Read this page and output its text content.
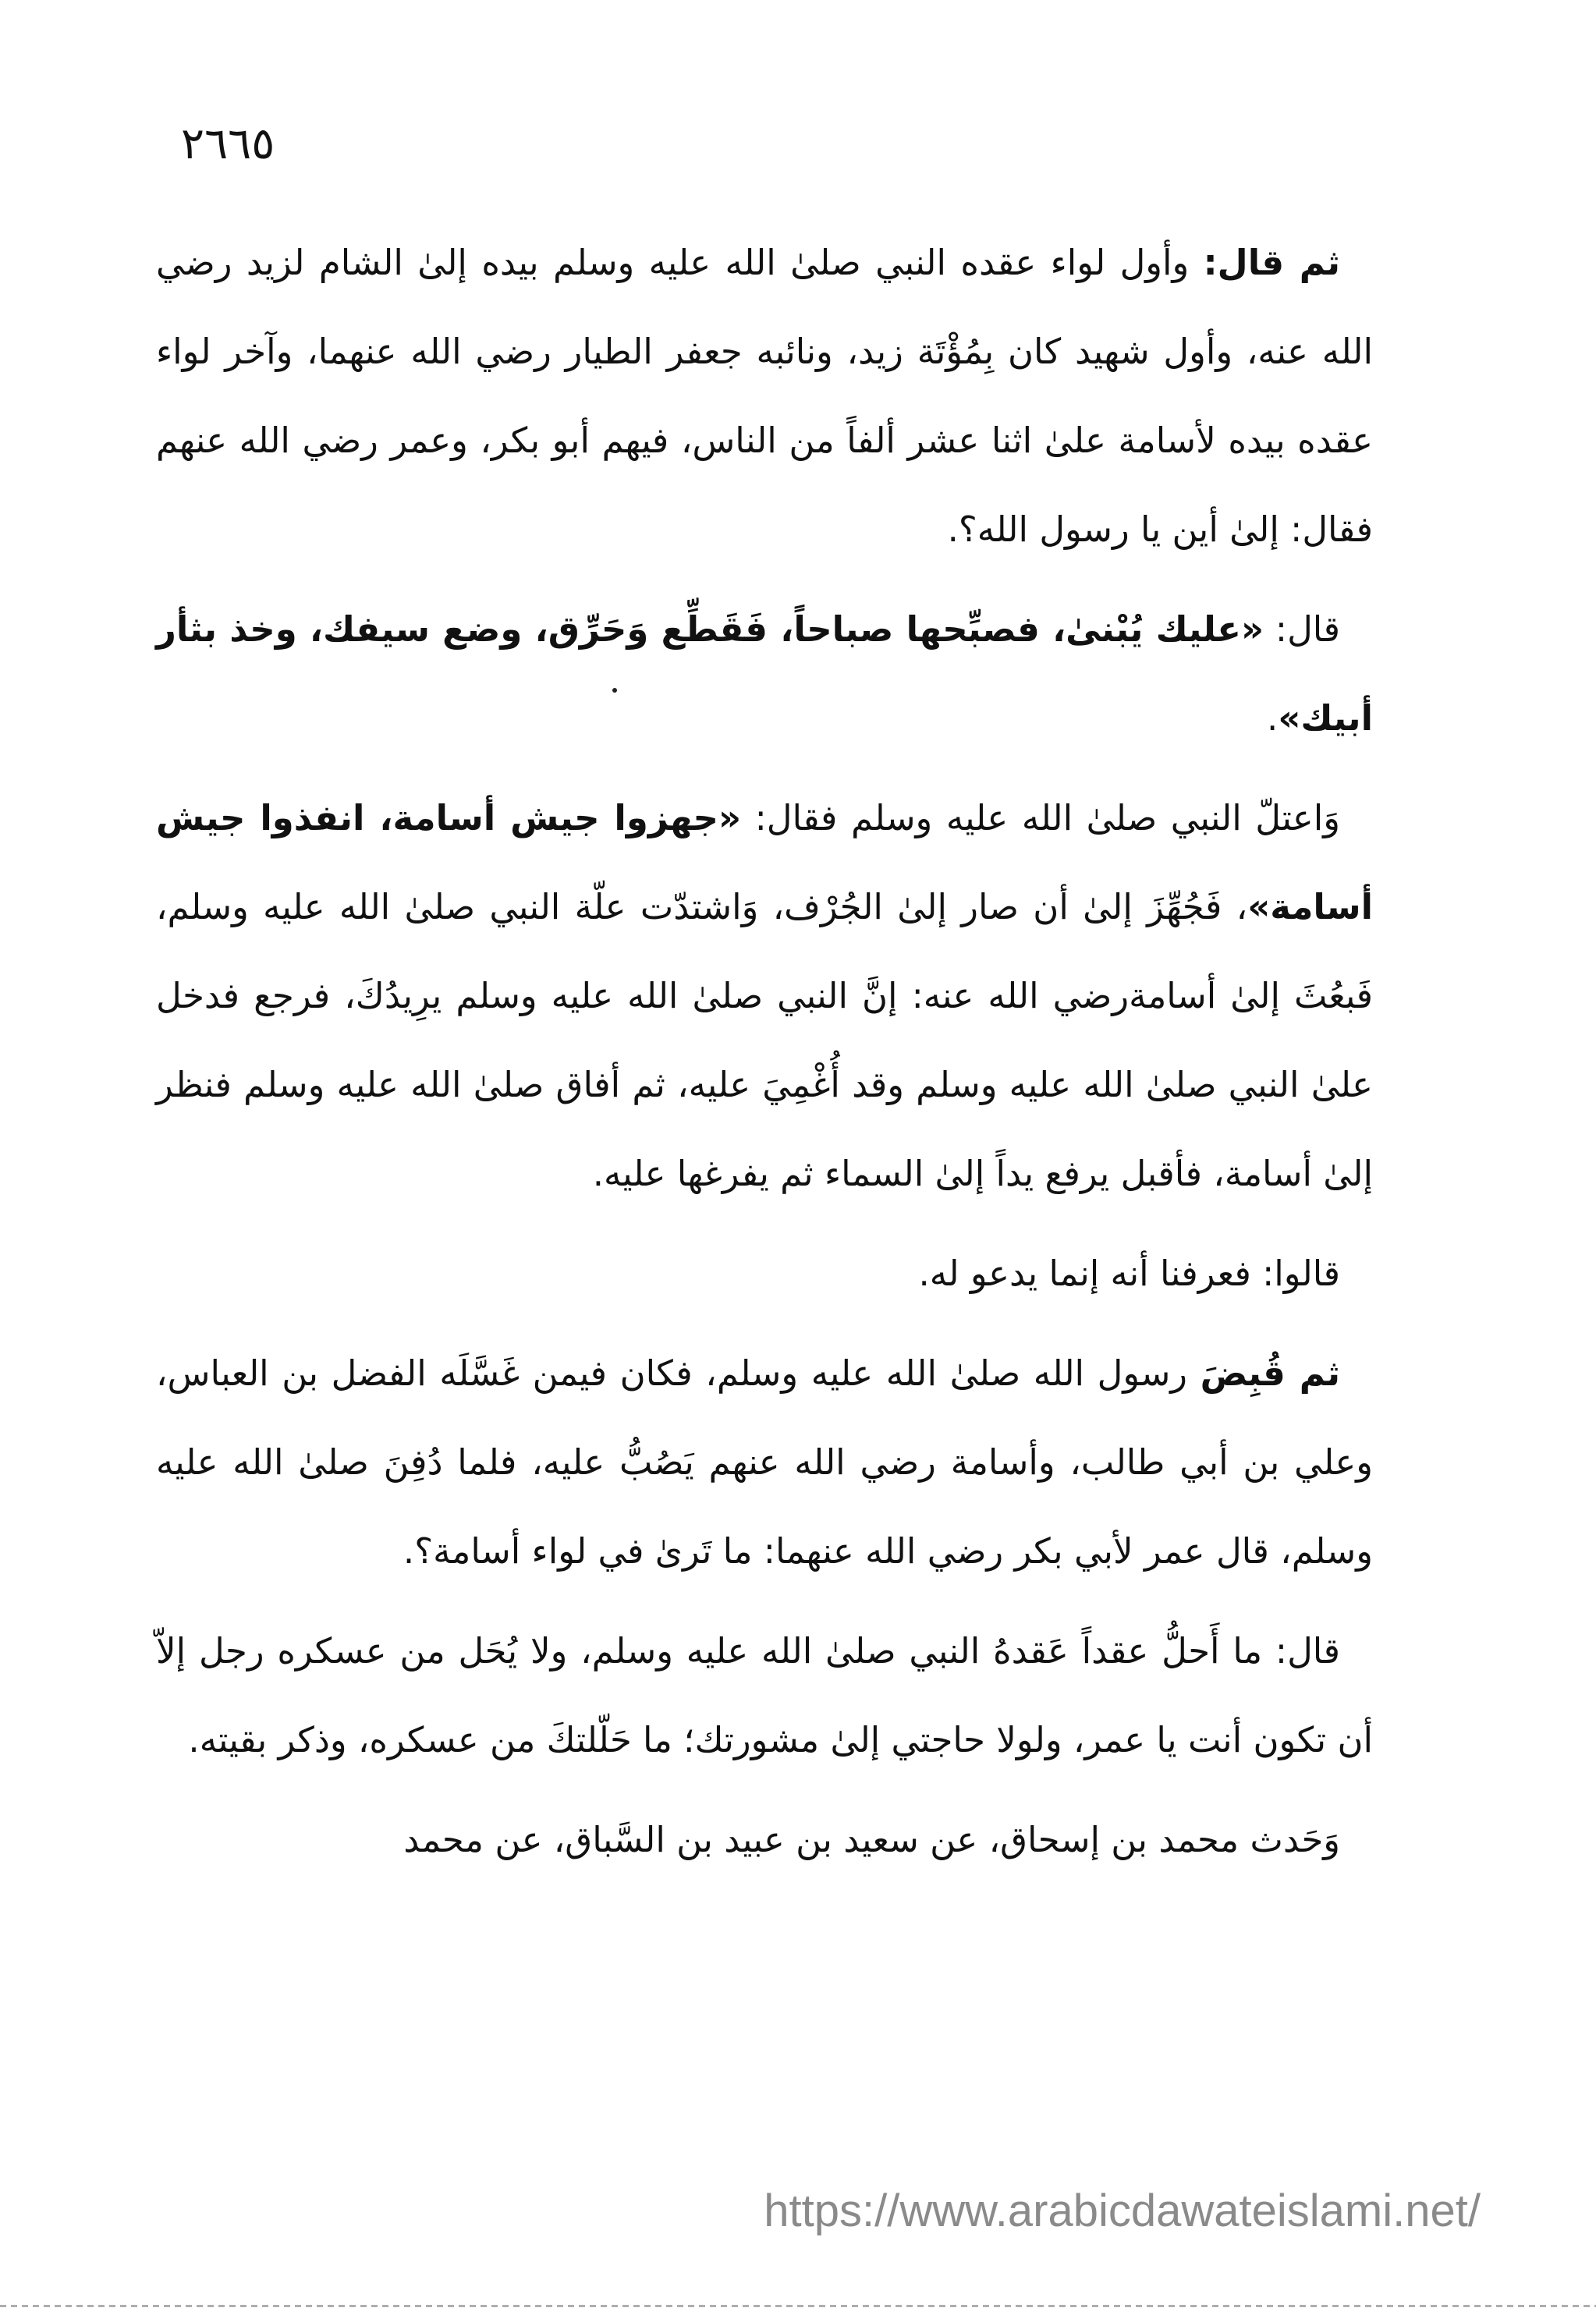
٢٦٦٥

ثم قال: وأول لواء عقده النبي صلىٰ الله عليه وسلم بيده إلىٰ الشام لزيد رضي الله عنه، وأول شهيد كان بِمُؤْتَة زيد، ونائبه جعفر الطيار رضي الله عنهما، وآخر لواء عقده بيده لأسامة علىٰ اثنا عشر ألفاً من الناس، فيهم أبو بكر، وعمر رضي الله عنهم فقال: إلىٰ أين يا رسول الله؟.

قال: «عليك يُبْنىٰ، فصبِّحها صباحاً، فَقَطِّع وَحَرِّق، وضع سيفك، وخذ بثأر أبيك».

وَاعتلّ النبي صلىٰ الله عليه وسلم فقال: «جهزوا جيش أسامة، انفذوا جيش أسامة»، فَجُهِّزَ إلىٰ أن صار إلىٰ الجُرْف، وَاشتدّت علّة النبي صلىٰ الله عليه وسلم، فَبعُثَ إلىٰ أسامةرضي الله عنه: إنَّ النبي صلىٰ الله عليه وسلم يرِيدُكَ، فرجع فدخل علىٰ النبي صلىٰ الله عليه وسلم وقد أُغْمِيَ عليه، ثم أفاق صلىٰ الله عليه وسلم فنظر إلىٰ أسامة، فأقبل يرفع يداً إلىٰ السماء ثم يفرغها عليه.

قالوا: فعرفنا أنه إنما يدعو له.

ثم قُبِضَ رسول الله صلىٰ الله عليه وسلم، فكان فيمن غَسَّلَه الفضل بن العباس، وعلي بن أبي طالب، وأسامة رضي الله عنهم يَصُبُّ عليه، فلما دُفِنَ صلىٰ الله عليه وسلم، قال عمر لأبي بكر رضي الله عنهما: ما تَرىٰ في لواء أسامة؟.

قال: ما أَحلُّ عقداً عَقدهُ النبي صلىٰ الله عليه وسلم، ولا يُحَل من عسكره رجل إلاّ أن تكون أنت يا عمر، ولولا حاجتي إلىٰ مشورتك؛ ما حَلّلتكَ من عسكره، وذكر بقيته.

وَحَدث محمد بن إسحاق، عن سعيد بن عبيد بن السَّباق، عن محمد

https://www.arabicdawateislami.net/
